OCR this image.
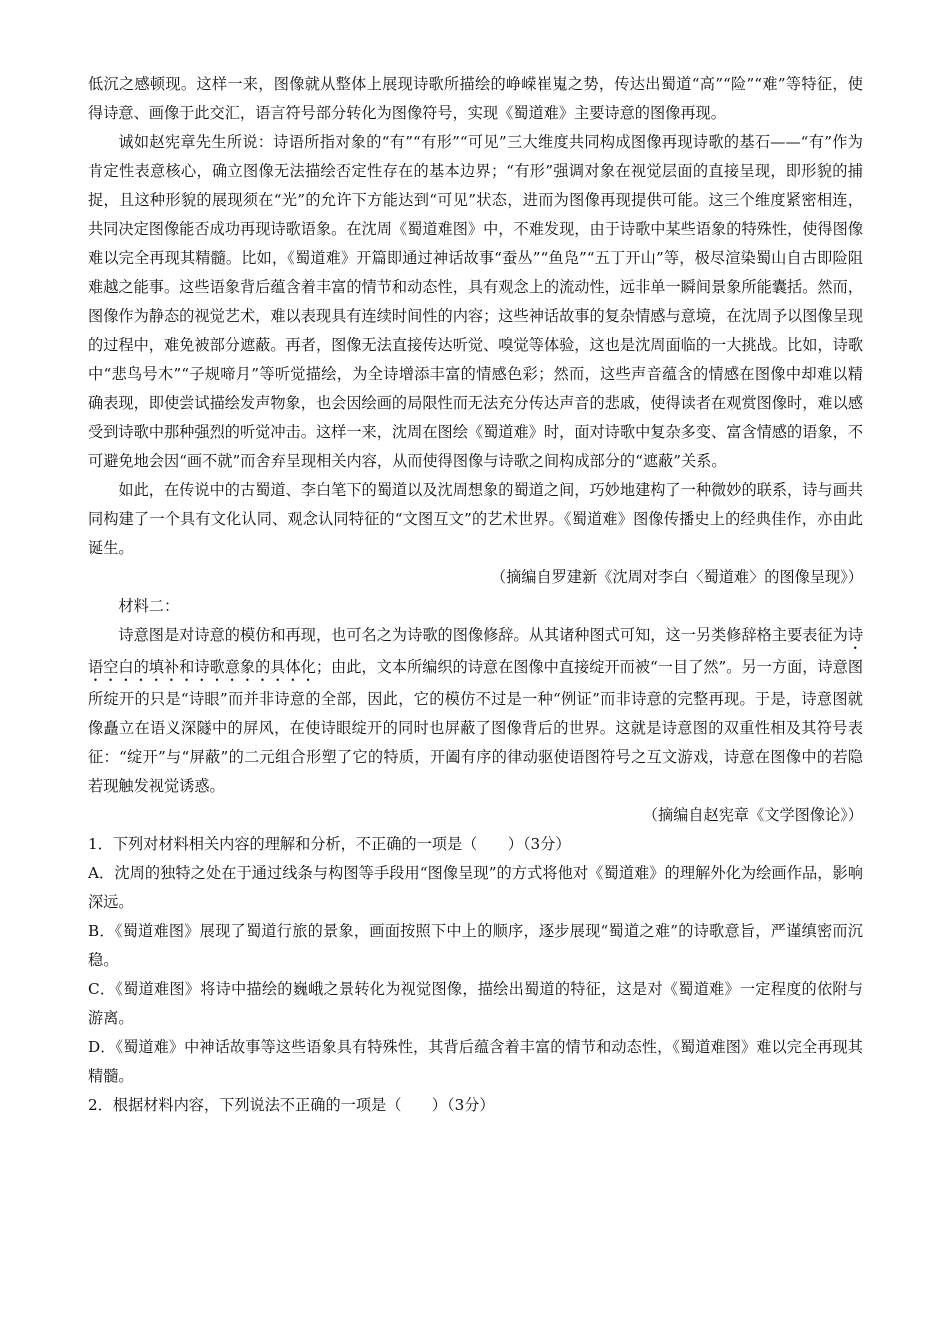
低沉之感顿现。这样一来，图像就从整体上展现诗歌所描绘的峥嵘崔嵬之势，传达出蜀道“高”“险”“难”等特征，使得诗意、画像于此交汇，语言符号部分转化为图像符号，实现《蜀道难》主要诗意的图像再现。

诚如赵宪章先生所说：诗语所指对象的“有”“有形”“可见”三大维度共同构成图像再现诗歌的基石——“有”作为肯定性表意核心，确立图像无法描绘否定性存在的基本边界；“有形”强调对象在视觉层面的直接呈现，即形貌的捕捉，且这种形貌的展现须在“光”的允许下方能达到“可见”状态，进而为图像再现提供可能。这三个维度紧密相连，共同决定图像能否成功再现诗歌语象。在沈周《蜀道难图》中，不难发现，由于诗歌中某些语象的特殊性，使得图像难以完全再现其精髓。比如，《蜀道难》开篇即通过神话故事“蚕丛”“鱼凫”“五丁开山”等，极尽渲染蜀山自古即险阻难越之能事。这些语象背后蕴含着丰富的情节和动态性，具有观念上的流动性，远非单一瞬间景象所能囊括。然而，图像作为静态的视觉艺术，难以表现具有连续时间性的内容；这些神话故事的复杂情感与意境，在沈周予以图像呈现的过程中，难免被部分遮蔽。再者，图像无法直接传达听觉、嗅觉等体验，这也是沈周面临的一大挑战。比如，诗歌中“悲鸟号木”“子规啼月”等听觉描绘，为全诗增添丰富的情感色彩；然而，这些声音蕴含的情感在图像中却难以精确表现，即使尝试描绘发声物象，也会因绘画的局限性而无法充分传达声音的悲戚，使得读者在观赏图像时，难以感受到诗歌中那种强烈的听觉冲击。这样一来，沈周在图绘《蜀道难》时，面对诗歌中复杂多变、富含情感的语象，不可避免地会因“画不就”而舍弃呈现相关内容，从而使得图像与诗歌之间构成部分的“遮蔽”关系。

如此，在传说中的古蜀道、李白笔下的蜀道以及沈周想象的蜀道之间，巧妙地建构了一种微妙的联系，诗与画共同构建了一个具有文化认同、观念认同特征的“文图互文”的艺术世界。《蜀道难》图像传播史上的经典佳作，亦由此诞生。

（摘编自罗建新《沈周对李白〈蜀道难〉的图像呈现》）

材料二：

诗意图是对诗意的模仿和再现，也可名之为诗歌的图像修辞。从其诸种图式可知，这一另类修辞格主要表征为诗语空白的填补和诗歌意象的具体化；由此，文本所编织的诗意在图像中直接绽开而被“一目了然”。另一方面，诗意图所绽开的只是“诗眼”而并非诗意的全部，因此，它的模仿不过是一种“例证”而非诗意的完整再现。于是，诗意图就像矗立在语义深隧中的屏风，在使诗眼绽开的同时也屏蔽了图像背后的世界。这就是诗意图的双重性相及其符号表征：“绽开”与“屏蔽”的二元组合形塑了它的特质，开阖有序的律动驱使语图符号之互文游戏，诗意在图像中的若隐若现触发视觉诱惑。

（摘编自赵宪章《文学图像论》）

1．下列对材料相关内容的理解和分析，不正确的一项是（　　）（3分）

A．沈周的独特之处在于通过线条与构图等手段用“图像呈现”的方式将他对《蜀道难》的理解外化为绘画作品，影响深远。

B．《蜀道难图》展现了蜀道行旅的景象，画面按照下中上的顺序，逐步展现“蜀道之难”的诗歌意旨，严谨缜密而沉稳。

C．《蜀道难图》将诗中描绘的巍峨之景转化为视觉图像，描绘出蜀道的特征，这是对《蜀道难》一定程度的依附与游离。

D．《蜀道难》中神话故事等这些语象具有特殊性，其背后蕴含着丰富的情节和动态性，《蜀道难图》难以完全再现其精髓。

2．根据材料内容，下列说法不正确的一项是（　　）（3分）
